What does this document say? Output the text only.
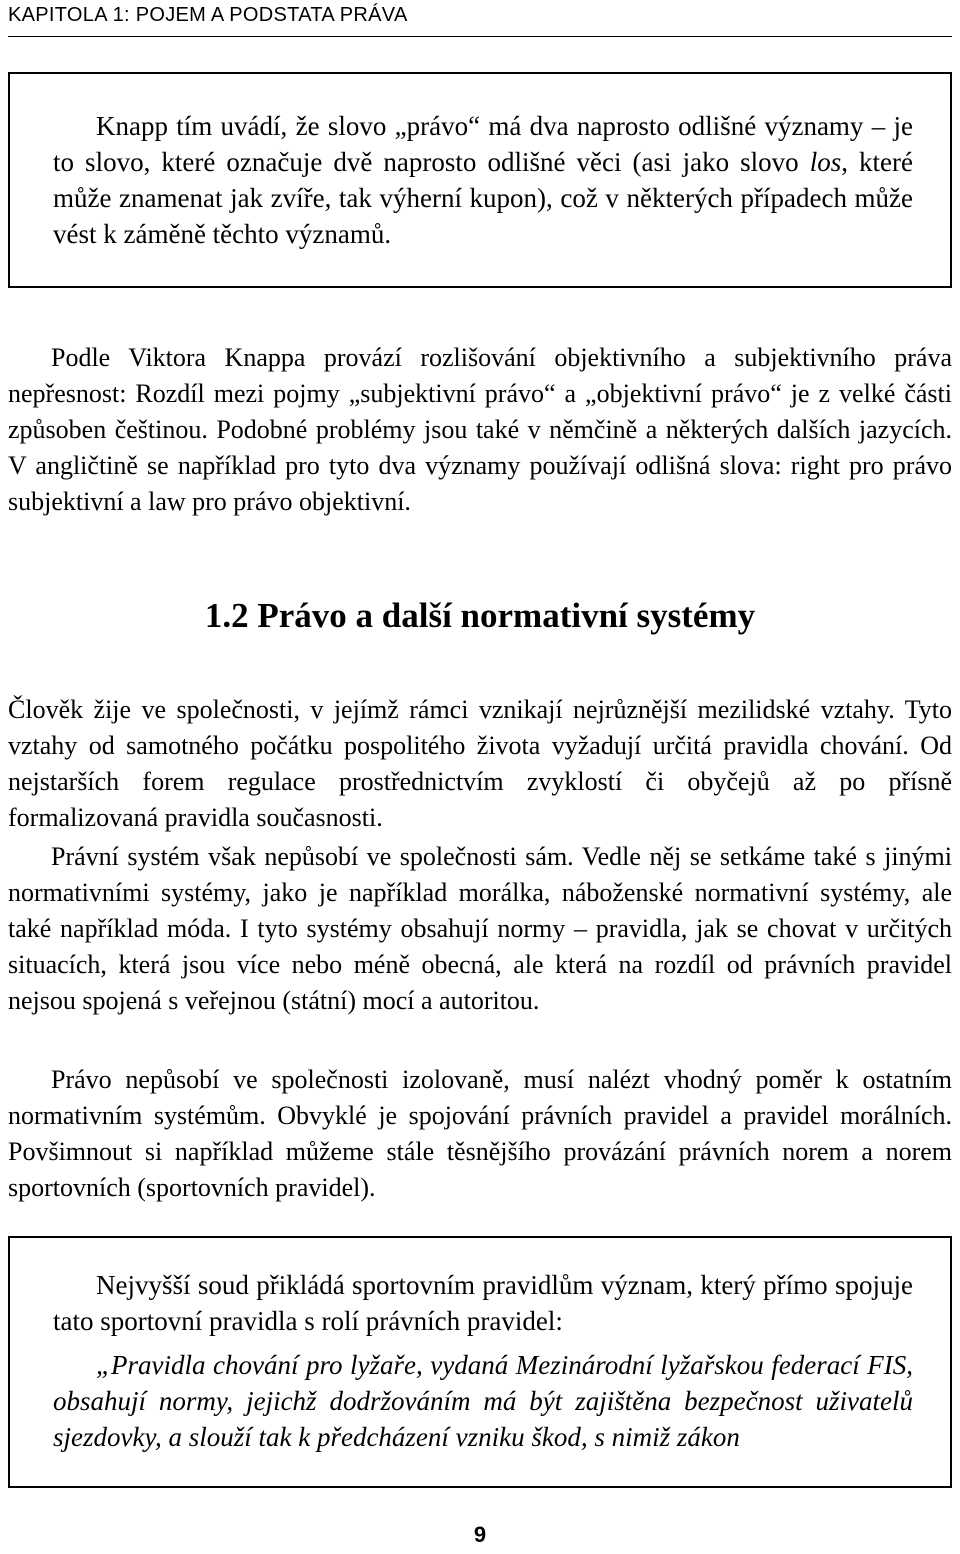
KAPITOLA 1: POJEM A PODSTATA PRÁVA

Knapp tím uvádí, že slovo „právo“ má dva naprosto odlišné významy – je to slovo, které označuje dvě naprosto odlišné věci (asi jako slovo los, které může znamenat jak zvíře, tak výherní kupon), což v některých případech může vést k záměně těchto významů.

Podle Viktora Knappa provází rozlišování objektivního a subjektivního práva nepřesnost: Rozdíl mezi pojmy „subjektivní právo“ a „objektivní právo“ je z velké části způsoben češtinou. Podobné problémy jsou také v němčině a některých dalších jazycích. V angličtině se například pro tyto dva významy používají odlišná slova: right pro právo subjektivní a law pro právo objektivní.

1.2 Právo a další normativní systémy

Člověk žije ve společnosti, v jejímž rámci vznikají nejrůznější mezilidské vztahy. Tyto vztahy od samotného počátku pospolitého života vyžadují určitá pravidla chování. Od nejstarších forem regulace prostřednictvím zvyklostí či obyčejů až po přísně formalizovaná pravidla současnosti.

Právní systém však nepůsobí ve společnosti sám. Vedle něj se setkáme také s jinými normativními systémy, jako je například morálka, náboženské normativní systémy, ale také například móda. I tyto systémy obsahují normy – pravidla, jak se chovat v určitých situacích, která jsou více nebo méně obecná, ale která na rozdíl od právních pravidel nejsou spojená s veřejnou (státní) mocí a autoritou.

Právo nepůsobí ve společnosti izolovaně, musí nalézt vhodný poměr k ostatním normativním systémům. Obvyklé je spojování právních pravidel a pravidel morálních. Povšimnout si například můžeme stále těsnějšího provázání právních norem a norem sportovních (sportovních pravidel).

Nejvyšší soud přikládá sportovním pravidlům význam, který přímo spojuje tato sportovní pravidla s rolí právních pravidel:

„Pravidla chování pro lyžaře, vydaná Mezinárodní lyžařskou federací FIS, obsahují normy, jejichž dodržováním má být zajištěna bezpečnost uživatelů sjezdovky, a slouží tak k předcházení vzniku škod, s nimiž zákon

9
